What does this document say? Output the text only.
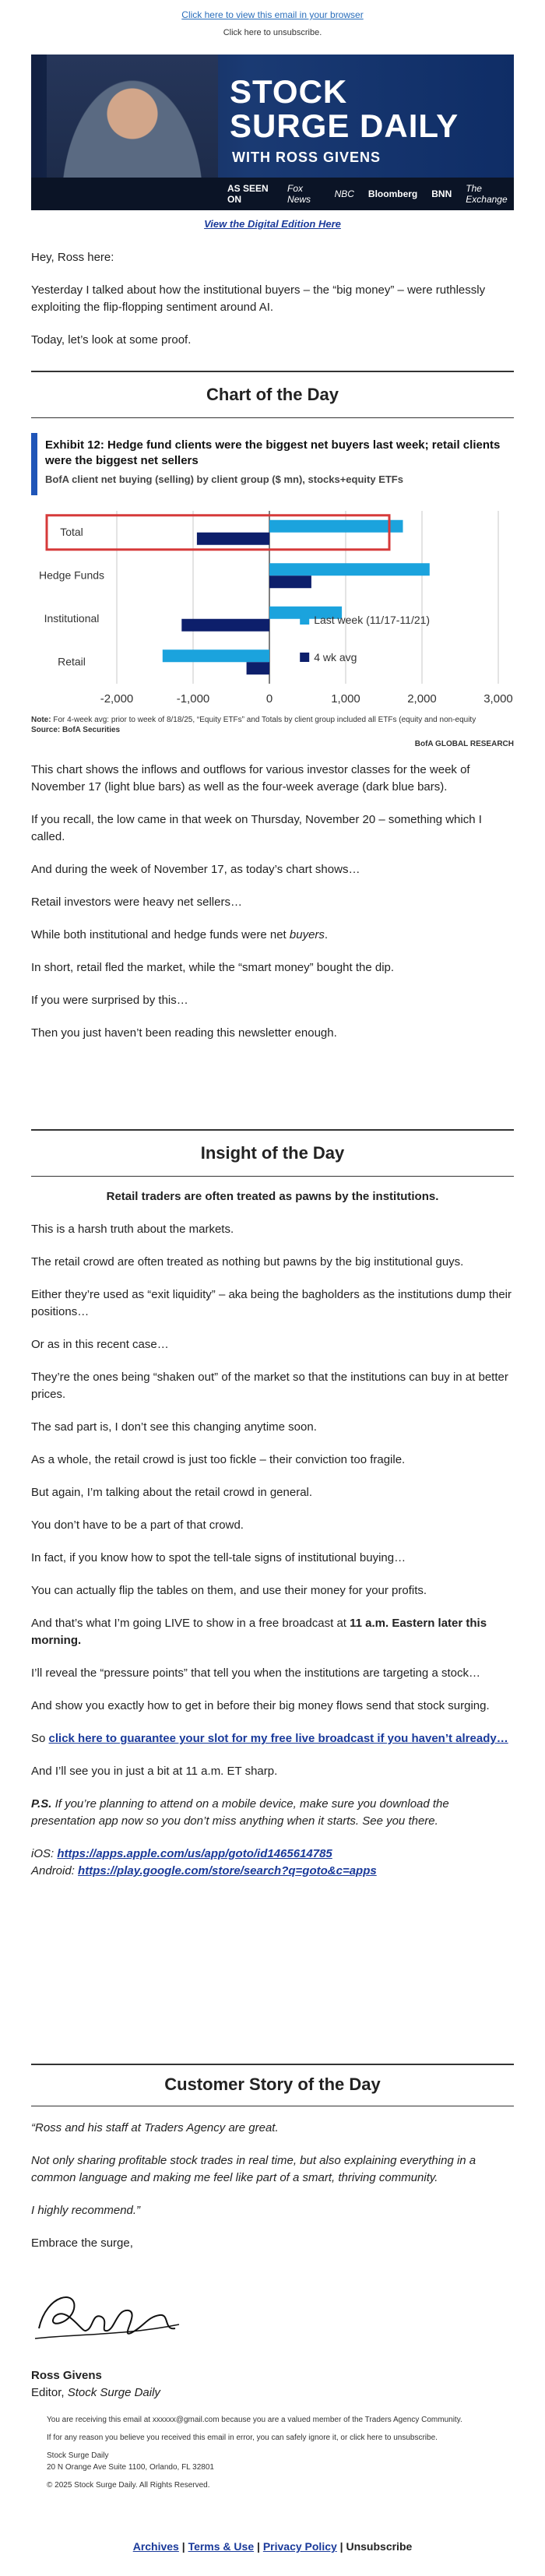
Click here to view this email in your browser
Click here to unsubscribe.
STOCK
SURGE DAILY
WITH ROSS GIVENS
AS SEEN ON
Fox News	NBC Bloomberg BNN The Exchange
View the Digital Edition Here

Hey, Ross here:

Yesterday I talked about how the institutional buyers – the “big money” – were ruthlessly exploiting the flip-flopping sentiment around AI.

Today, let’s look at some proof.

Chart of the Day
Exhibit 12: Hedge fund clients were the biggest net buyers last week; retail clients were the biggest net sellers
BofA client net buying (selling) by client group ($ mn), stocks+equity ETFs
-2,000	-1,000	0	1,000	2,000	3,000
Total
Hedge Funds
Institutional
Retail
Last week (11/17-11/21)
4 wk avg
Note: For 4-week avg: prior to week of 8/18/25, “Equity ETFs” and Totals by client group included all ETFs (equity and non-equity
Source: BofA Securities
BofA GLOBAL RESEARCH

This chart shows the inflows and outflows for various investor classes for the week of November 17 (light blue bars) as well as the four-week average (dark blue bars).

If you recall, the low came in that week on Thursday, November 20 – something which I called.

And during the week of November 17, as today’s chart shows…

Retail investors were heavy net sellers…

While both institutional and hedge funds were net buyers.

In short, retail fled the market, while the “smart money” bought the dip.

If you were surprised by this…

Then you just haven’t been reading this newsletter enough.

Insight of the Day
Retail traders are often treated as pawns by the institutions.

This is a harsh truth about the markets.

The retail crowd are often treated as nothing but pawns by the big institutional guys.

Either they’re used as “exit liquidity” – aka being the bagholders as the institutions dump their positions…

Or as in this recent case…

They’re the ones being “shaken out” of the market so that the institutions can buy in at better prices.

The sad part is, I don’t see this changing anytime soon.

As a whole, the retail crowd is just too fickle – their conviction too fragile.

But again, I’m talking about the retail crowd in general.

You don’t have to be a part of that crowd.

In fact, if you know how to spot the tell-tale signs of institutional buying…

You can actually flip the tables on them, and use their money for your profits.

And that’s what I’m going LIVE to show in a free broadcast at 11 a.m. Eastern later this morning.

I’ll reveal the “pressure points” that tell you when the institutions are targeting a stock…

And show you exactly how to get in before their big money flows send that stock surging.

So click here to guarantee your slot for my free live broadcast if you haven’t already…

And I’ll see you in just a bit at 11 a.m. ET sharp.

P.S. If you’re planning to attend on a mobile device, make sure you download the presentation app now so you don’t miss anything when it starts. See you there.

iOS: https://apps.apple.com/us/app/goto/id1465614785

Android: https://play.google.com/store/search?q=goto&c=apps

Customer Story of the Day

“Ross and his staff at Traders Agency are great.

Not only sharing profitable stock trades in real time, but also explaining everything in a common language and making me feel like part of a smart, thriving community.

I highly recommend.”

Embrace the surge,

Ross Givens

Editor, Stock Surge Daily

You are receiving this email at xxxxxx@gmail.com because you are a valued member of the Traders Agency Community.
If for any reason you believe you received this email in error, you can safely ignore it, or click here to unsubscribe.
Stock Surge Daily
20 N Orange Ave Suite 1100, Orlando, FL 32801
© 2025 Stock Surge Daily. All Rights Reserved.
Archives | Terms & Use | Privacy Policy | Unsubscribe
